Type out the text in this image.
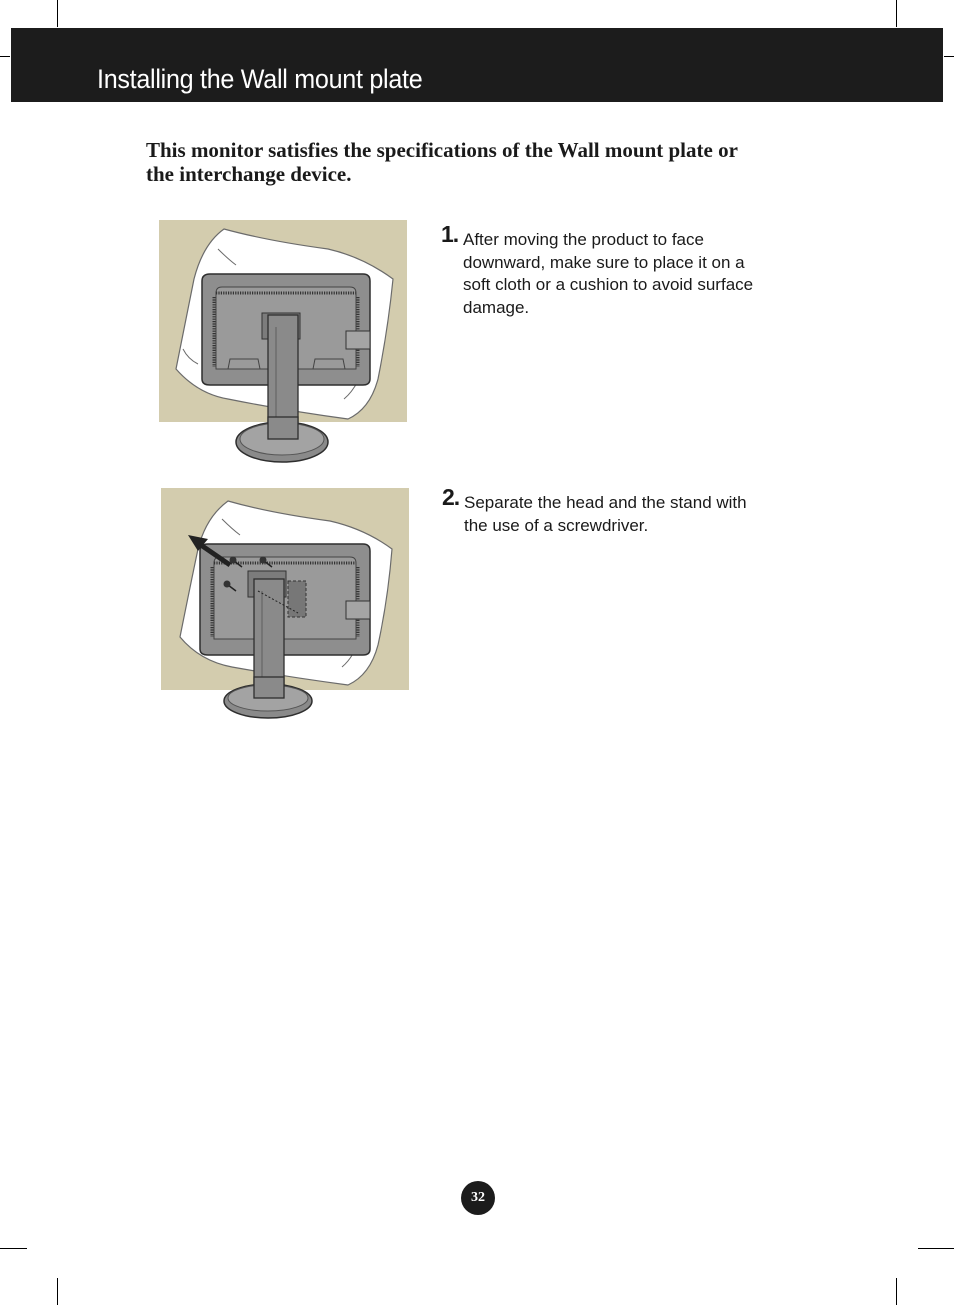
Installing the Wall mount plate
This monitor satisfies the specifications of the Wall mount plate or
the interchange device.
1. After moving the product to face
downward, make sure to place it on a
soft cloth or a cushion to avoid surface
damage.
2. Separate the head and the stand with
the use of a screwdriver.
32
